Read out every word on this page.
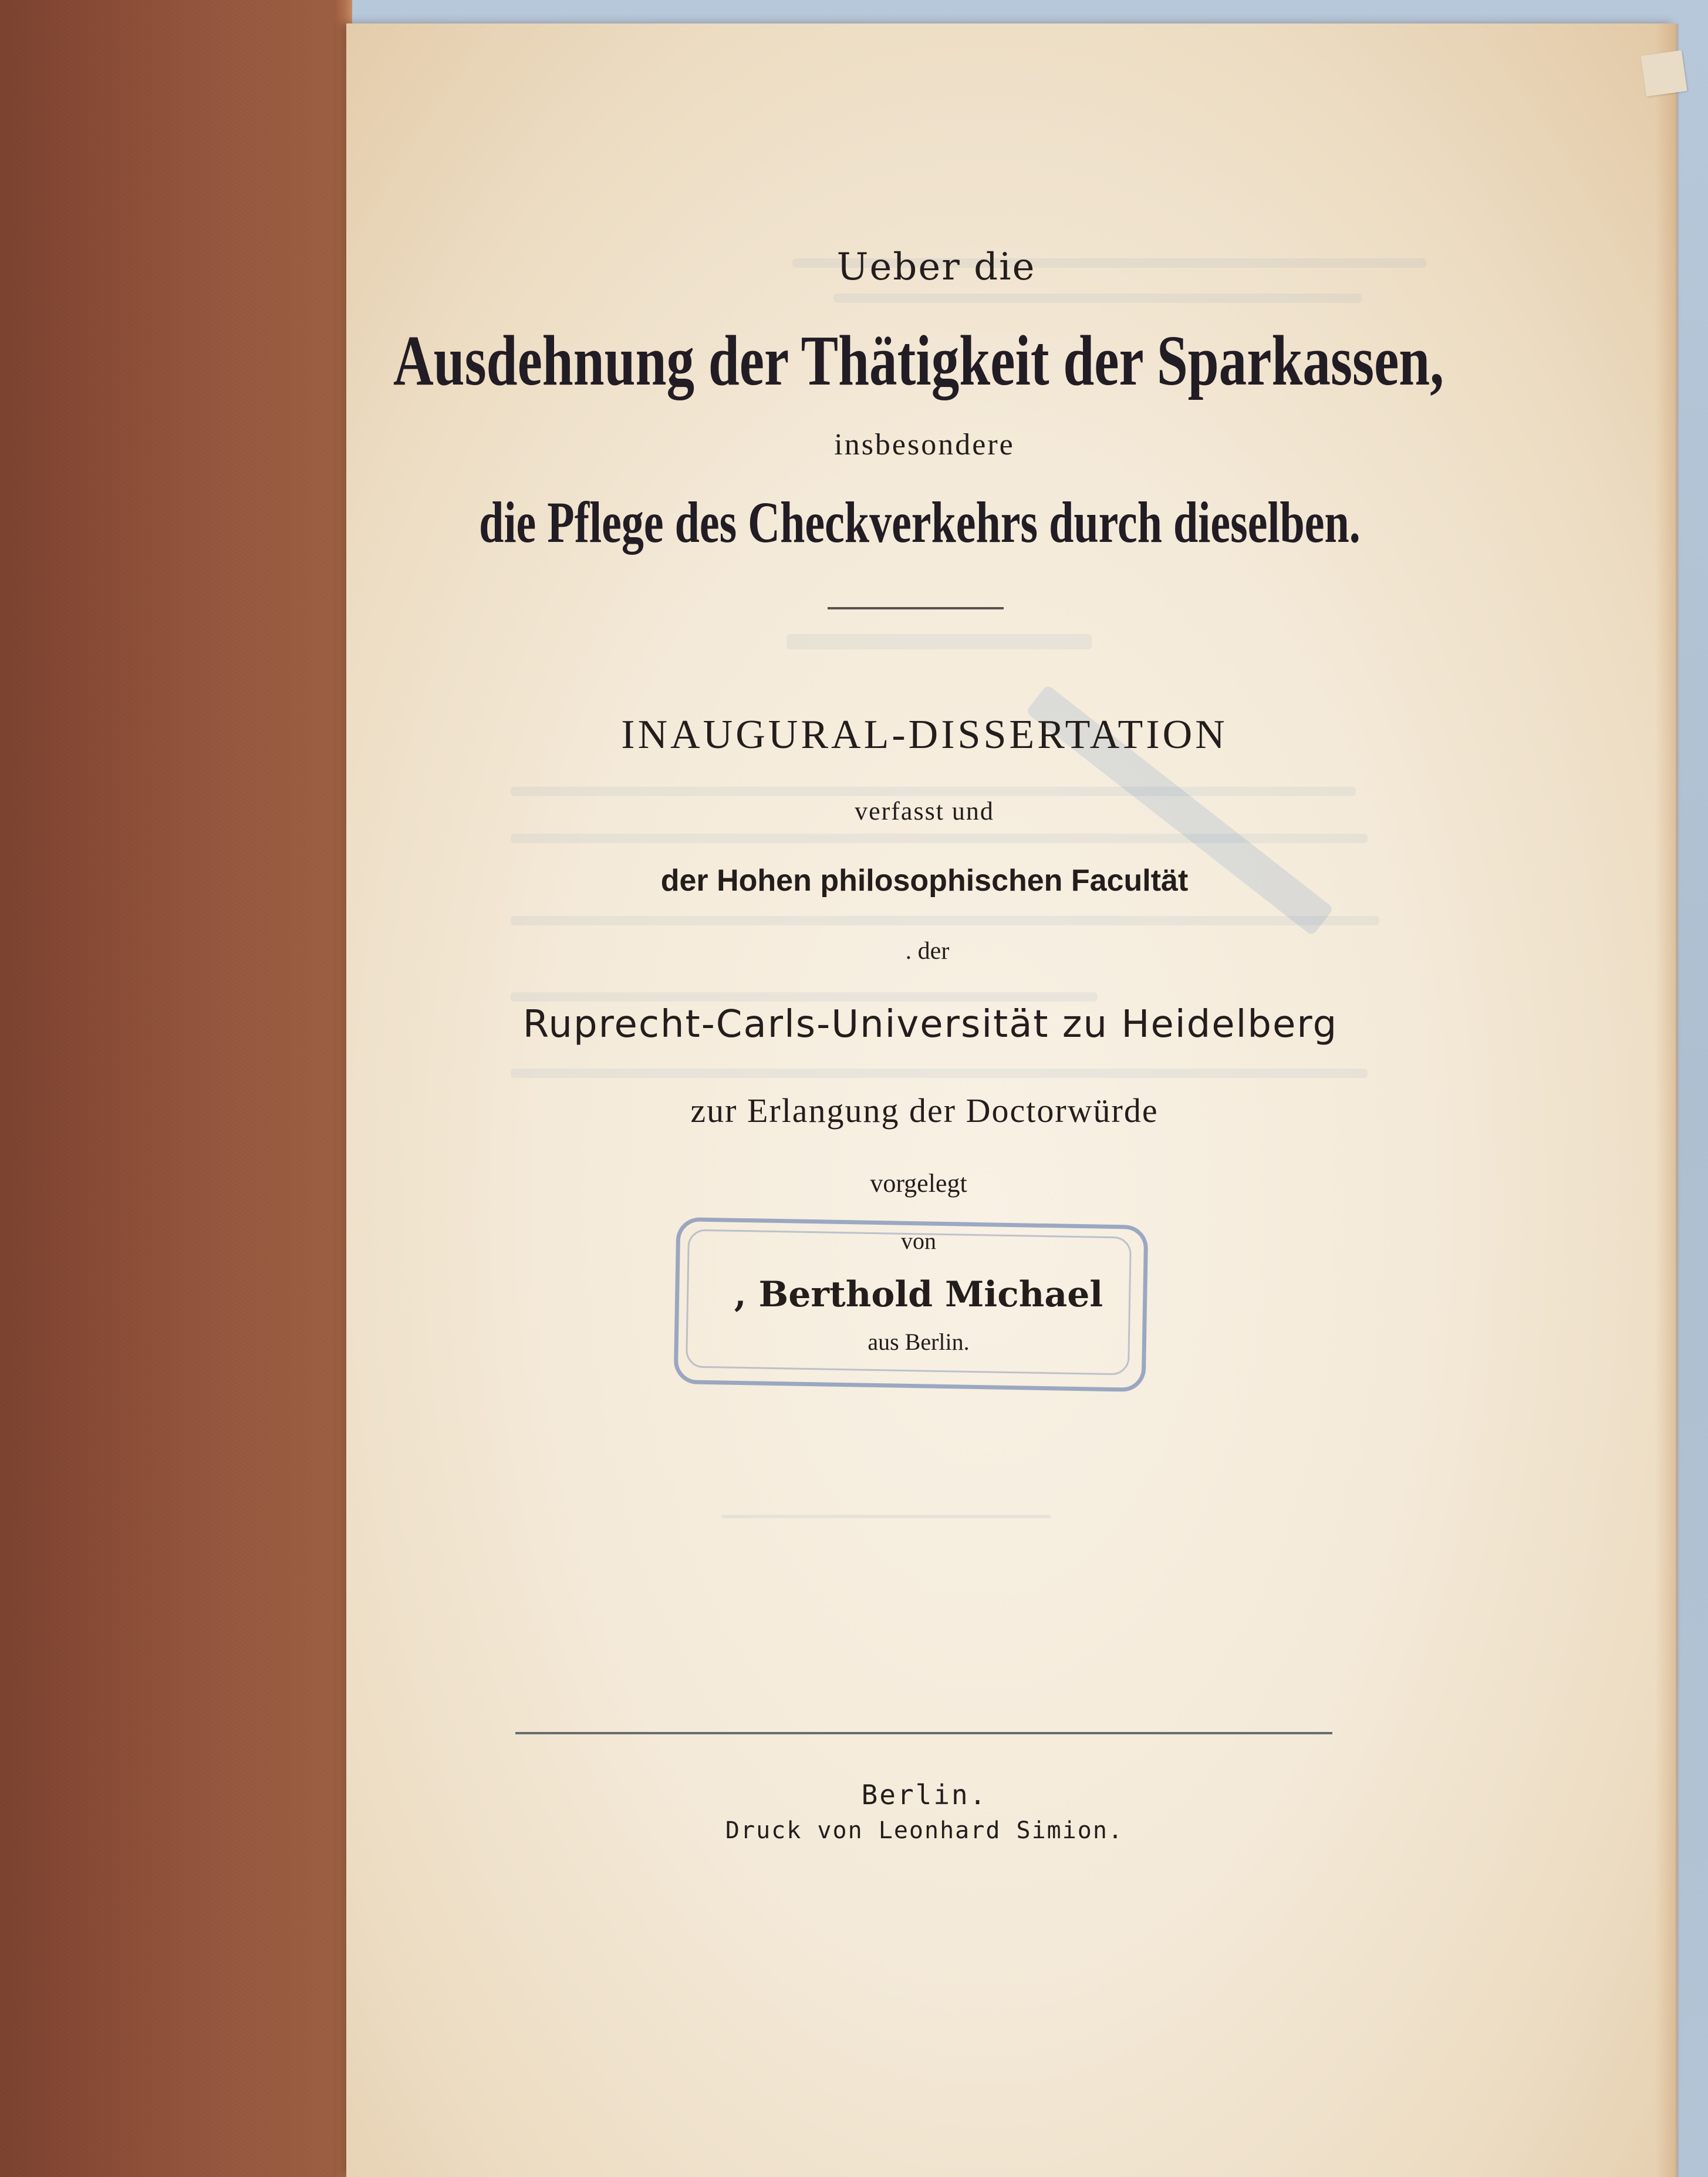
Ueber die
Ausdehnung der Thätigkeit der Sparkassen,
insbesondere
die Pflege des Checkverkehrs durch dieselben.
INAUGURAL-DISSERTATION
verfasst und
der Hohen philosophischen Facultät
. der
Ruprecht-Carls-Universität zu Heidelberg
zur Erlangung der Doctorwürde
vorgelegt
von
, Berthold Michael
aus Berlin.
Berlin.
Druck von Leonhard Simion.
